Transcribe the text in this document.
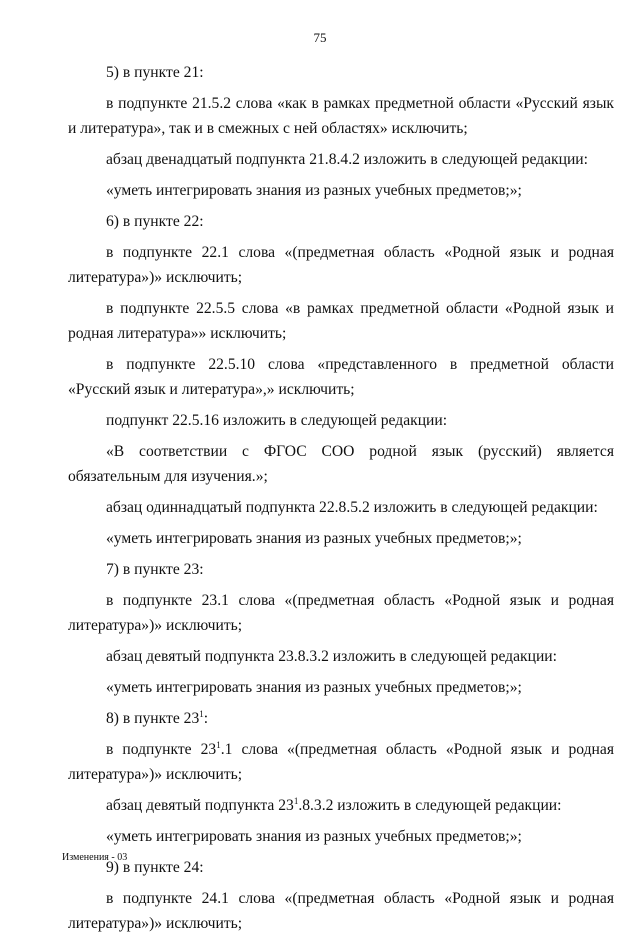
75

5) в пункте 21:

в подпункте 21.5.2 слова «как в рамках предметной области «Русский язык и литература», так и в смежных с ней областях» исключить;

абзац двенадцатый подпункта 21.8.4.2 изложить в следующей редакции:

«уметь интегрировать знания из разных учебных предметов;»;

6) в пункте 22:

в подпункте 22.1 слова «(предметная область «Родной язык и родная литература»)» исключить;

в подпункте 22.5.5 слова «в рамках предметной области «Родной язык и родная литература»» исключить;

в подпункте 22.5.10 слова «представленного в предметной области «Русский язык и литература»,» исключить;

подпункт 22.5.16 изложить в следующей редакции:

«В соответствии с ФГОС СОО родной язык (русский) является обязательным для изучения.»;

абзац одиннадцатый подпункта 22.8.5.2 изложить в следующей редакции:

«уметь интегрировать знания из разных учебных предметов;»;

7) в пункте 23:

в подпункте 23.1 слова «(предметная область «Родной язык и родная литература»)» исключить;

абзац девятый подпункта 23.8.3.2 изложить в следующей редакции:

«уметь интегрировать знания из разных учебных предметов;»;

8) в пункте $23^1$:

в подпункте $23^1.1$ слова «(предметная область «Родной язык и родная литература»)» исключить;

абзац девятый подпункта $23^1.8.3.2$ изложить в следующей редакции:

«уметь интегрировать знания из разных учебных предметов;»;

9) в пункте 24:

в подпункте 24.1 слова «(предметная область «Родной язык и родная литература»)» исключить;

Изменения - 03
